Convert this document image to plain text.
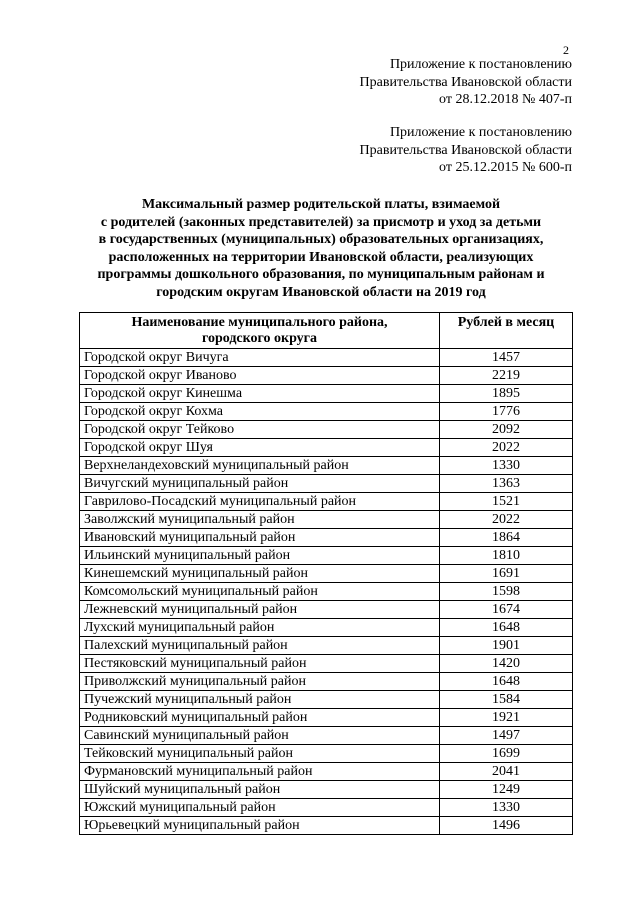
2
Приложение к постановлению
Правительства Ивановской области
от 28.12.2018 № 407-п
Приложение к постановлению
Правительства Ивановской области
от 25.12.2015 № 600-п
Максимальный размер родительской платы, взимаемой
с родителей (законных представителей) за присмотр и уход за детьми
в государственных (муниципальных) образовательных организациях,
расположенных на территории Ивановской области, реализующих
программы дошкольного образования, по муниципальным районам и
городским округам Ивановской области на 2019 год
Наименование муниципального района,
городского округа	Рублей в месяц
Городской округ Вичуга	1457
Городской округ Иваново	2219
Городской округ Кинешма	1895
Городской округ Кохма	1776
Городской округ Тейково	2092
Городской округ Шуя	2022
Верхнеландеховский муниципальный район	1330
Вичугский муниципальный район	1363
Гаврилово-Посадский муниципальный район	1521
Заволжский муниципальный район	2022
Ивановский муниципальный район	1864
Ильинский муниципальный район	1810
Кинешемский муниципальный район	1691
Комсомольский муниципальный район	1598
Лежневский муниципальный район	1674
Лухский муниципальный район	1648
Палехский муниципальный район	1901
Пестяковский муниципальный район	1420
Приволжский муниципальный район	1648
Пучежский муниципальный район	1584
Родниковский муниципальный район	1921
Савинский муниципальный район	1497
Тейковский муниципальный район	1699
Фурмановский муниципальный район	2041
Шуйский муниципальный район	1249
Южский муниципальный район	1330
Юрьевецкий муниципальный район	1496
